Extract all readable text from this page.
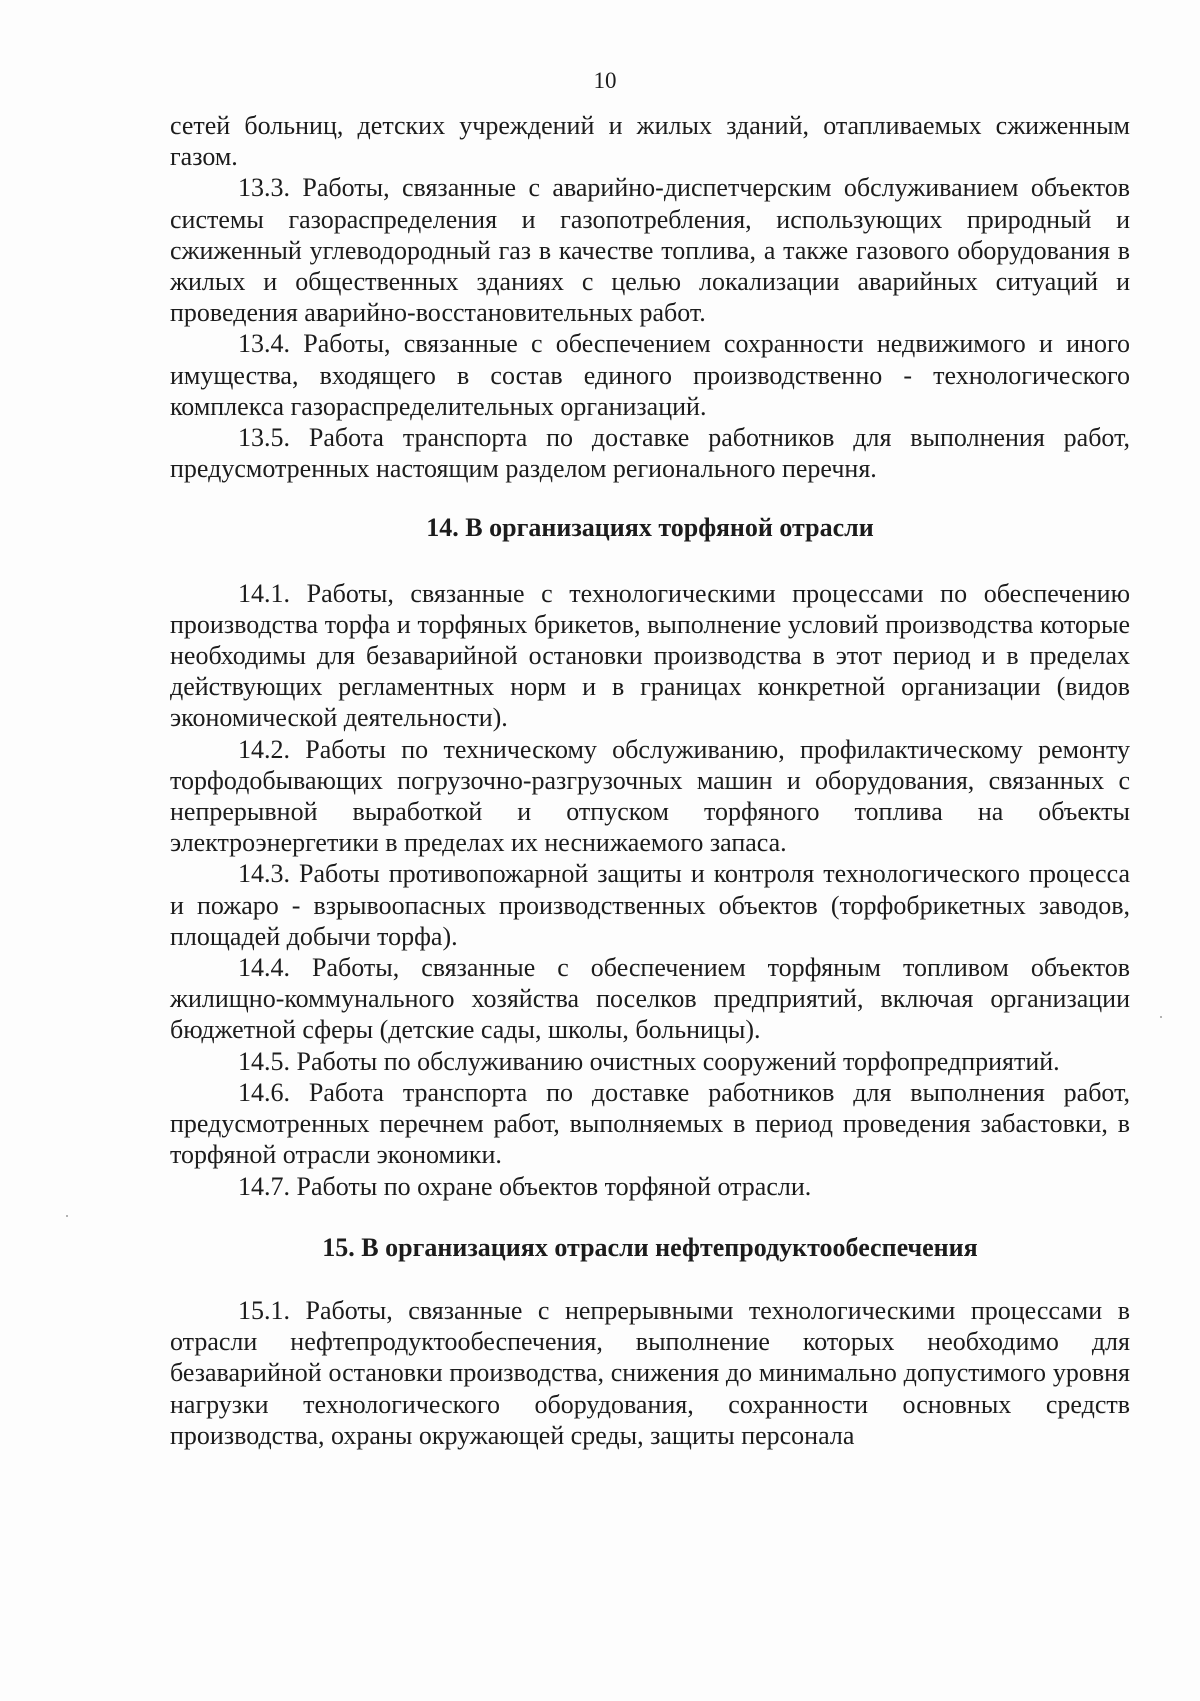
10

сетей больниц, детских учреждений и жилых зданий, отапливаемых сжиженным газом.

13.3. Работы, связанные с аварийно-диспетчерским обслуживанием объектов системы газораспределения и газопотребления, использующих природный и сжиженный углеводородный газ в качестве топлива, а также газового оборудования в жилых и общественных зданиях с целью локализации аварийных ситуаций и проведения аварийно-восстановительных работ.

13.4. Работы, связанные с обеспечением сохранности недвижимого и иного имущества, входящего в состав единого производственно - технологического комплекса газораспределительных организаций.

13.5. Работа транспорта по доставке работников для выполнения работ, предусмотренных настоящим разделом регионального перечня.

14. В организациях торфяной отрасли

14.1. Работы, связанные с технологическими процессами по обеспечению производства торфа и торфяных брикетов, выполнение условий производства которые необходимы для безаварийной остановки производства в этот период и в пределах действующих регламентных норм и в границах конкретной организации (видов экономической деятельности).

14.2. Работы по техническому обслуживанию, профилактическому ремонту торфодобывающих погрузочно-разгрузочных машин и оборудования, связанных с непрерывной выработкой и отпуском торфяного топлива на объекты электроэнергетики в пределах их неснижаемого запаса.

14.3. Работы противопожарной защиты и контроля технологического процесса и пожаро - взрывоопасных производственных объектов (торфобрикетных заводов, площадей добычи торфа).

14.4. Работы, связанные с обеспечением торфяным топливом объектов жилищно-коммунального хозяйства поселков предприятий, включая организации бюджетной сферы (детские сады, школы, больницы).

14.5. Работы по обслуживанию очистных сооружений торфопредприятий.

14.6. Работа транспорта по доставке работников для выполнения работ, предусмотренных перечнем работ, выполняемых в период проведения забастовки, в торфяной отрасли экономики.

14.7. Работы по охране объектов торфяной отрасли.

15. В организациях отрасли нефтепродуктообеспечения

15.1. Работы, связанные с непрерывными технологическими процессами в отрасли нефтепродуктообеспечения, выполнение которых необходимо для безаварийной остановки производства, снижения до минимально допустимого уровня нагрузки технологического оборудования, сохранности основных средств производства, охраны окружающей среды, защиты персонала
